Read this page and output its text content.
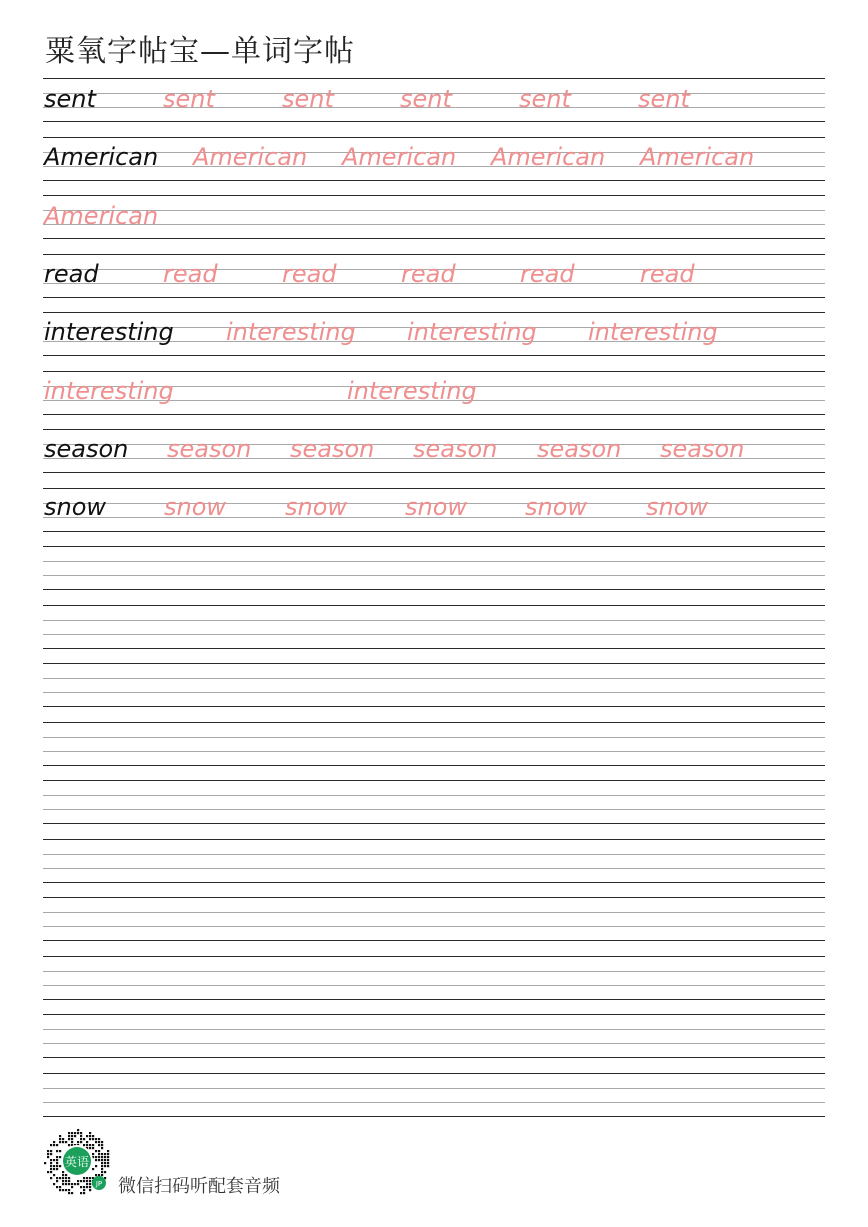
粟氧字帖宝—单词字帖
sent	sent	sent	sent	sent	sent
American American American American American
American
read	read	read	read	read	read
interesting interesting interesting interesting
interesting	interesting
season season season season season season
snow snow snow snow snow snow
英语
JP 微信扫码听配套音频
